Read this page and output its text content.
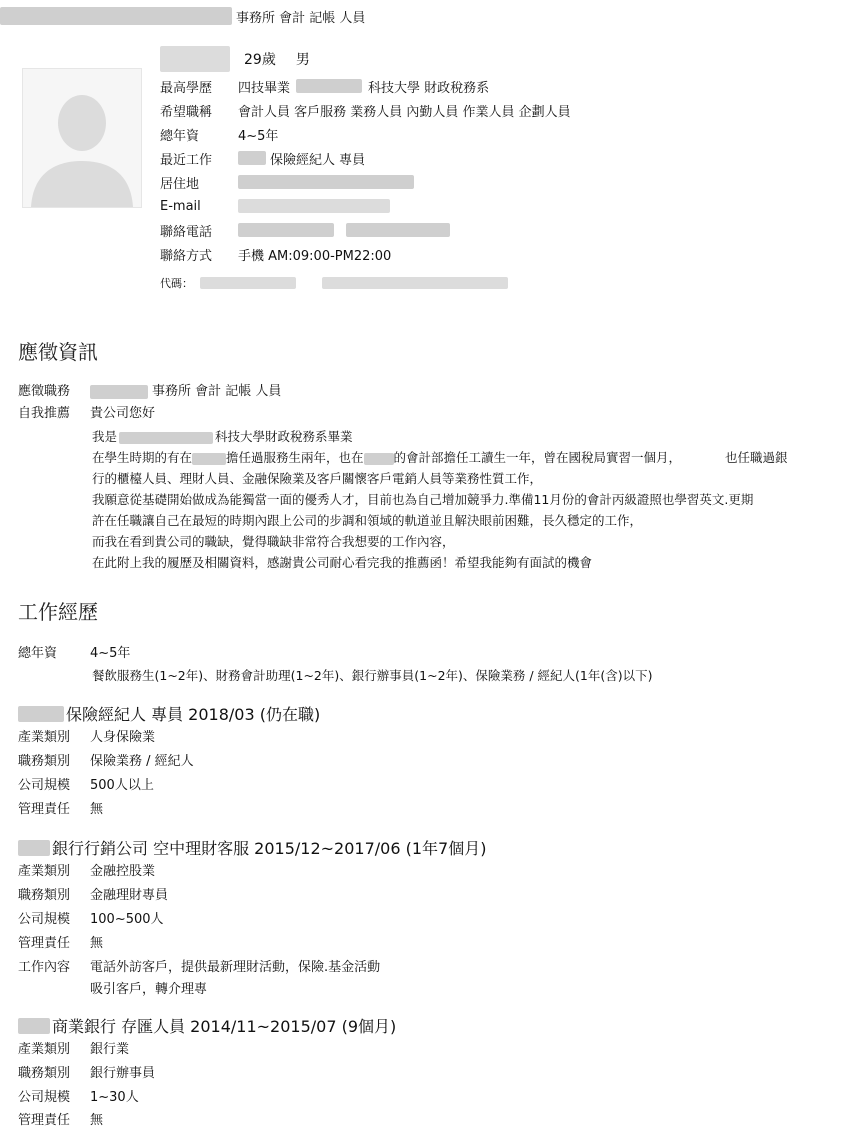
事務所 會計 記帳 人員
29歲 男
最高學歷	四技畢業	科技大學 財政稅務系
希望職稱	會計人員 客戶服務 業務人員 內勤人員 作業人員 企劃人員
總年資	4~5年
最近工作	保險經紀人 專員
居住地
E-mail
聯絡電話
聯絡方式	手機 AM:09:00-PM22:00
代碼：
應徵資訊
應徵職務	事務所 會計 記帳 人員
自我推薦	貴公司您好

我是	科技大學財政稅務系畢業

在學生時期的有在	擔任過服務生兩年，也在 的會計部擔任工讀生一年，曾在國稅局實習一個月，	也任職過銀

行的櫃檯人員、理財人員、金融保險業及客戶關懷客戶電銷人員等業務性質工作，

我願意從基礎開始做成為能獨當一面的優秀人才，目前也為自己增加競爭力.準備11月份的會計丙級證照也學習英文.更期

許在任職讓自己在最短的時期內跟上公司的步調和領域的軌道並且解決眼前困難，長久穩定的工作，

而我在看到貴公司的職缺，覺得職缺非常符合我想要的工作內容，

在此附上我的履歷及相關資料，感謝貴公司耐心看完我的推薦函！希望我能夠有面試的機會

工作經歷
總年資	4~5年
餐飲服務生(1~2年)、財務會計助理(1~2年)、銀行辦事員(1~2年)、保險業務 / 經紀人(1年(含)以下)
保險經紀人 專員 2018/03 (仍在職)
產業類別	人身保險業
職務類別	保險業務 / 經紀人
公司規模	500人以上
管理責任	無
銀行行銷公司 空中理財客服 2015/12~2017/06 (1年7個月)
產業類別	金融控股業
職務類別	金融理財專員
公司規模	100~500人
管理責任	無
工作內容	電話外訪客戶，提供最新理財活動，保險.基金活動
吸引客戶，轉介理專
商業銀行 存匯人員 2014/11~2015/07 (9個月)
產業類別	銀行業
職務類別	銀行辦事員
公司規模	1~30人
管理責任	無
